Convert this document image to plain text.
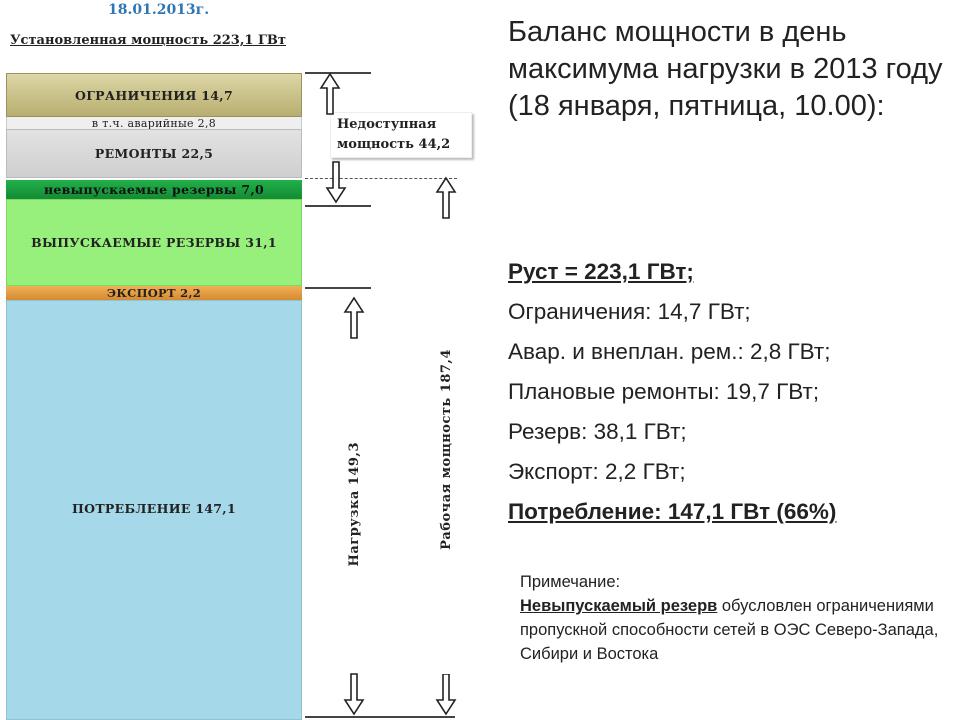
18.01.2013г.
Установленная мощность 223,1 ГВт
ОГРАНИЧЕНИЯ 14,7
в т.ч. аварийные 2,8
РЕМОНТЫ 22,5
невыпускаемые резервы 7,0
ВЫПУСКАЕМЫЕ РЕЗЕРВЫ 31,1
ЭКСПОРТ 2,2
ПОТРЕБЛЕНИЕ 147,1
Недоступная
мощность 44,2
Нагрузка 149,3	Рабочая мощность 187,4
Баланс мощности в день максимума нагрузки в 2013 году (18 января, пятница, 10.00):
Руст = 223,1 ГВт;
Ограничения: 14,7 ГВт;
Авар. и внеплан. рем.: 2,8 ГВт;
Плановые ремонты: 19,7 ГВт;
Резерв: 38,1 ГВт;
Экспорт: 2,2 ГВт;
Потребление: 147,1 ГВт (66%)
Примечание:
Невыпускаемый резерв обусловлен ограничениями пропускной способности сетей в ОЭС Северо-Запада, Сибири и Востока
